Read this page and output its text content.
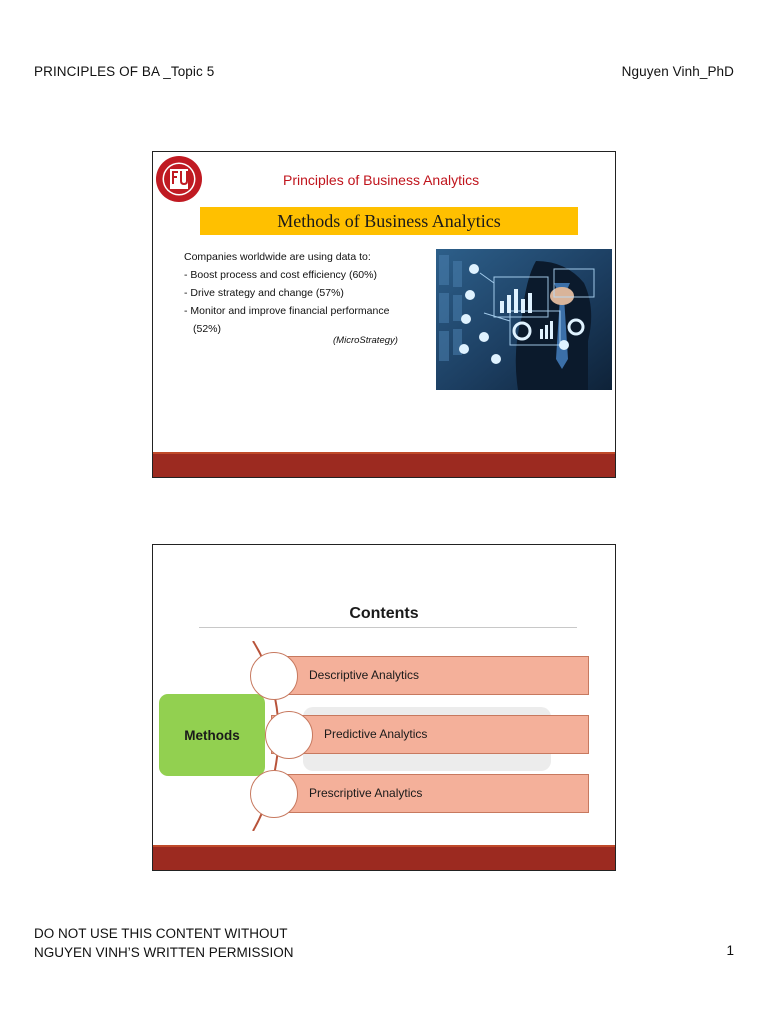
PRINCIPLES OF BA _Topic 5	Nguyen Vinh_PhD
Principles of Business Analytics
Methods of Business Analytics
Companies worldwide are using data to:
- Boost process and cost efficiency (60%)
- Drive strategy and change (57%)
- Monitor and improve financial performance
(52%)
(MicroStrategy)
Contents
Methods
Descriptive Analytics
Predictive Analytics
Prescriptive Analytics
DO NOT USE THIS CONTENT WITHOUT
NGUYEN VINH’S WRITTEN PERMISSION	1
